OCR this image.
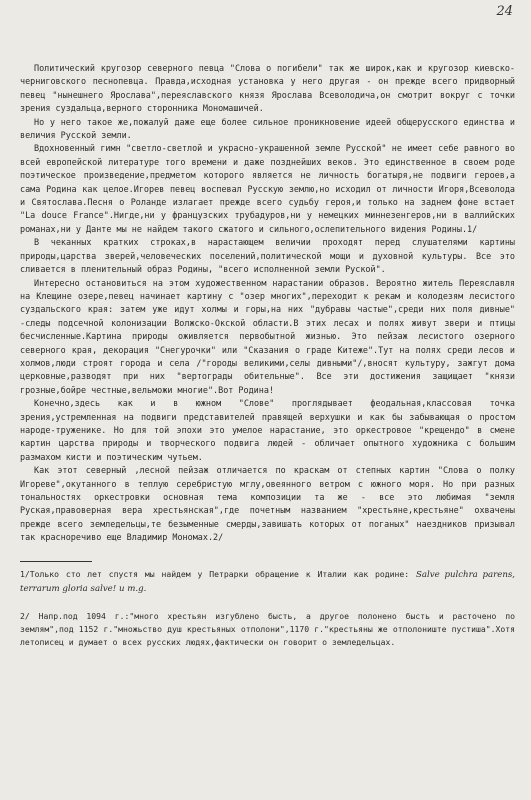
24

Политический кругозор северного певца "Слова о погибели" так же широк,как и кругозор киевско-черниговского песнопевца. Правда,исходная установка у него другая - он прежде всего придворный певец "нынешнего Ярослава",переяславского князя Ярослава Всеволодича,он смотрит вокруг с точки зрения суздальца,верного сторонника Мономашичей.

Но у него такое же,пожалуй даже еще более сильное проникновение идеей общерусского единства и величия Русской земли.

Вдохновенный гимн "светло-светлой и украсно-украшенной земле Русской" не имеет себе равного во всей европейской литературе того времени и даже позднейших веков. Это единственное в своем роде поэтическое произведение,предметом которого является не личность богатыря,не подвиги героев,а сама Родина как целое.Игорев певец воспевал Русскую землю,но исходил от личности Игоря,Всеволода и Святослава.Песня о Роланде излагает прежде всего судьбу героя,и только на заднем фоне встает "La douce France".Нигде,ни у французских трубадуров,ни у немецких миннезенгеров,ни в валлийских романах,ни у Данте мы не найдем такого сжатого и сильного,ослепительного видения Родины.1/

В чеканных кратких строках,в нарастающем величии проходят перед слушателями картины природы,царства зверей,человеческих поселений,политической мощи и духовной культуры. Все это сливается в пленительный образ Родины, "всего исполненной земли Руской".

Интересно остановиться на этом художественном нарастании образов. Вероятно житель Переяславля на Клещине озере,певец начинает картину с "озер многих",переходит к рекам и колодезям лесистого суздальского края: затем уже идут холмы и горы,на них "дубравы частые",среди них поля дивные" -следы подсечной колонизации Волжско-Окской области.В этих лесах и полях живут звери и птицы бесчисленные.Картина природы оживляется первобытной жизнью. Это пейзаж лесистого озерного северного края, декорация "Снегурочки" или "Сказания о граде Китеже".Тут на полях среди лесов и холмов,люди строят города и села /"городы великими,селы дивными"/,вносят культуру, зажгут дома церковные,разводят при них "вертограды обительные". Все эти достижения защищает "князи грозные,бойре честные,вельможи многие".Вот Родина!

Конечно,здесь как и в южном "Слове" проглядывает феодальная,классовая точка зрения,устремленная на подвиги представителей правящей верхушки и как бы забывающая о простом народе-труженике. Но для той эпохи это умелое нарастание, это оркестровое "крещендо" в смене картин царства природы и творческого подвига людей - обличает опытного художника с большим размахом кисти и поэтическим чутьем.

Как этот северный ,лесной пейзаж отличается по краскам от степных картин "Слова о полку Игореве",окутанного в теплую серебристую мглу,овеянного ветром с южного моря. Но при разных тональностях оркестровки основная тема композиции та же - все это любимая "земля Руская,правоверная вера хрестьянская",где почетным названием "хрестьяне,крестьяне" охвачены прежде всего земледельцы,те безыменные смерды,завишать которых от поганых" наездников призывал так красноречиво еще Владимир Мономах.2/

1/Только сто лет спустя мы найдем у Петрарки обращение к Италии как родине: Salve pulchra parens, terrarum gloria salve! u m.g.
2/ Напр.под 1094 г.:"много хрестьян изгублено бысть, а другое полонено бысть и расточено по землям",под 1152 г."множьство душ крестьяных отполони",1170 г."крестьяны же отполониште пустиша".Хотя летописец и думает о всех русских людях,фактически он говорит о земледельцах.
